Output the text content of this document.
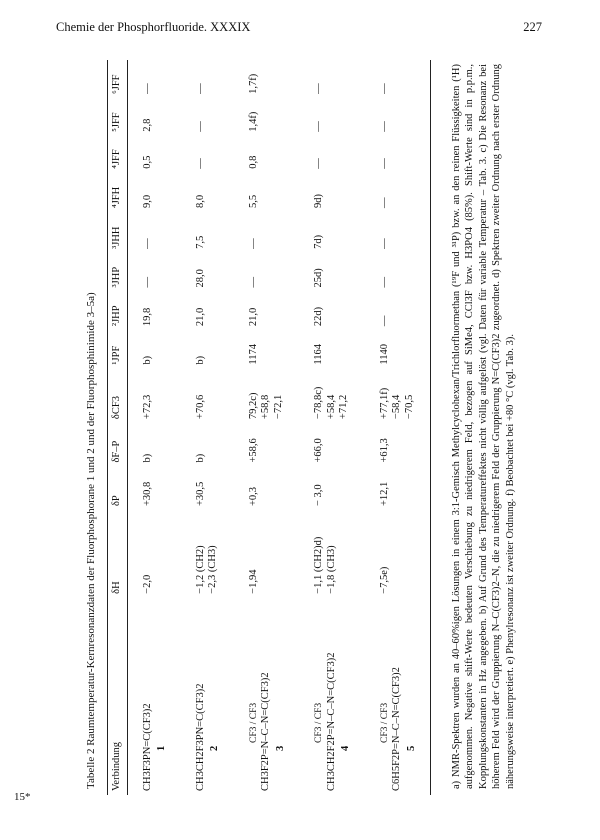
Chemie der Phosphorfluoride. XXXIX	227
15*
Tabelle 2 Raumtemperatur-Kernresonanzdaten der Fluorphosphorane 1 und 2 und der Fluorphosphinimide 3–5a) Verbindung	δH	δP	δF–P	δCF3	¹JPF	²JHP	³JHP	³JHH	⁴JFH	⁴JFF	⁵JFF	⁶JFF

CH3F3PN=C(CF3)2 1	−2,0	+30,8	b)	+72,3	b)	19,8	—	—	9,0	0,5	2,8	—

CH3CH2F3PN=C(CF3)2 2	−1,2 (CH2) −2,3 (CH3)	+30,5	b)	+70,6	b)	21,0	28,0	7,5	8,0	—	—	—

CF3 / CF3 CH3F2P=N–C–N=C(CF3)2 3	−1,94	+0,3	+58,6	79,2c) +58,8 −72,1	1174	21,0	—	—	5,5	0,8	1,4f)	1,7f)

CF3 / CF3 CH3CH2F2P=N–C–N=C(CF3)2 4	−1,1 (CH2)d) −1,8 (CH3)	− 3,0	+66,0	−78,8c) +58,4 +71,2	1164	22d)	25d)	7d)	9d)	—	—	—

CF3 / CF3 C6H5F2P=N–C–N=C(CF3)2 5	−7,5e)	+12,1	+61,3	+77,1f) −58,4 −70,5	1140	—	—	—	—	—	—	—	a) NMR-Spektren wurden an 40–60%igen Lösungen in einem 3:1-Gemisch Methylcyclohexan/Trichlorfluormethan (¹⁹F und ³¹P) bzw. an den reinen Flüssigkeiten (¹H) aufgenommen. Negative shift-Werte bedeuten Verschiebung zu niedrigerem Feld, bezogen auf SiMe4, CCl3F bzw. H3PO4 (85%). Shift-Werte sind in p.p.m., Kopplungskonstanten in Hz angegeben. b) Auf Grund des Temperatureffektes nicht völlig aufgelöst (vgl. Daten für variable Temperatur – Tab. 3. c) Die Resonanz bei höherem Feld wird der Gruppierung N–C(CF3)2–N, die zu niedrigerem Feld der Gruppierung N=C(CF3)2 zugeordnet. d) Spektren zweiter Ordnung nach erster Ordnung näherungsweise interpretiert. e) Phenylresonanz ist zweiter Ordnung. f) Beobachtet bei +80 °C (vgl. Tab. 3).
